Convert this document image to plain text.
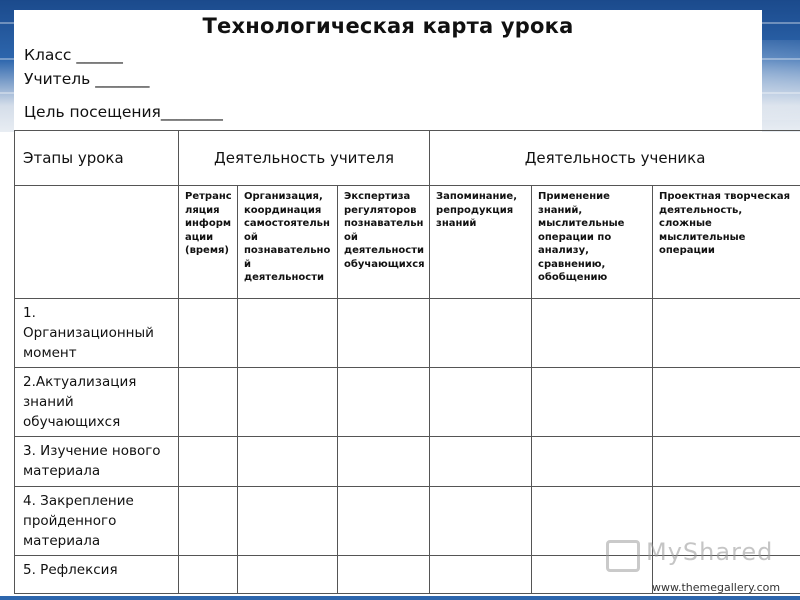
Технологическая карта урока
Класс ______
Учитель _______
Цель посещения________
Этапы урока	Деятельность учителя			Деятельность ученика		
	Ретранс ляция информ ации (время)	Организация, координация самостоятельн ой познавательно й деятельности	Экспертиза регуляторов познавательн ой деятельности обучающихся	Запоминание, репродукция знаний	Применение знаний, мыслительные операции по анализу, сравнению, обобщению	Проектная творческая деятельность, сложные мыслительные операции
1. Организационный момент						
2.Актуализация знаний обучающихся						
3. Изучение нового материала						
4. Закрепление пройденного материала						
5. Рефлексия						
MyShared
www.themegallery.com
